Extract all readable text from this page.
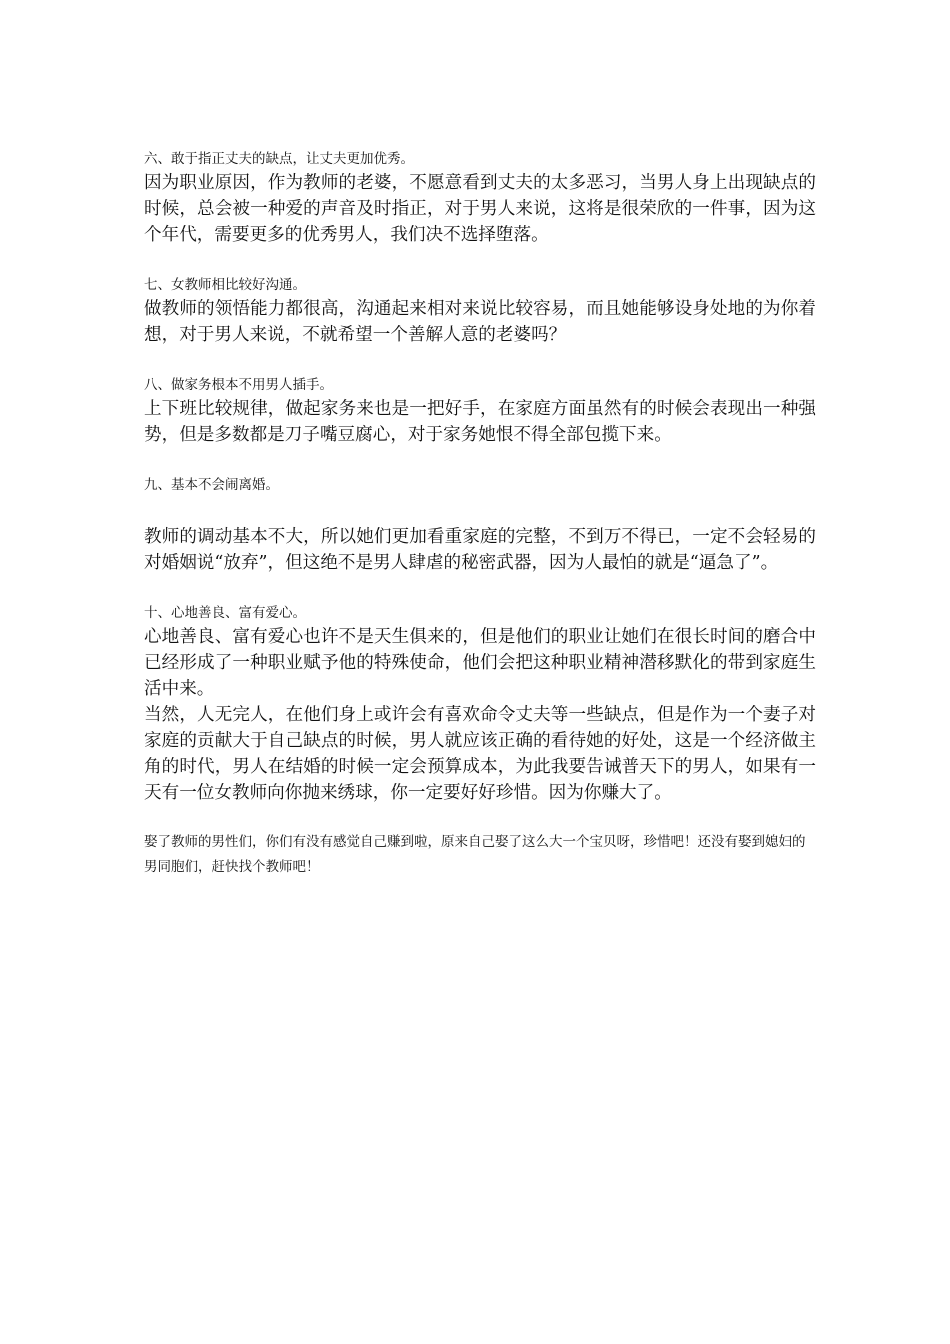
六、敢于指正丈夫的缺点，让丈夫更加优秀。

因为职业原因，作为教师的老婆，不愿意看到丈夫的太多恶习，当男人身上出现缺点的时候，总会被一种爱的声音及时指正，对于男人来说，这将是很荣欣的一件事，因为这个年代，需要更多的优秀男人，我们决不选择堕落。

七、女教师相比较好沟通。

做教师的领悟能力都很高，沟通起来相对来说比较容易，而且她能够设身处地的为你着想，对于男人来说，不就希望一个善解人意的老婆吗？

八、做家务根本不用男人插手。

上下班比较规律，做起家务来也是一把好手，在家庭方面虽然有的时候会表现出一种强势，但是多数都是刀子嘴豆腐心，对于家务她恨不得全部包揽下来。

九、基本不会闹离婚。

教师的调动基本不大，所以她们更加看重家庭的完整，不到万不得已，一定不会轻易的对婚姻说“放弃”，但这绝不是男人肆虐的秘密武器，因为人最怕的就是“逼急了”。

十、心地善良、富有爱心。

心地善良、富有爱心也许不是天生俱来的，但是他们的职业让她们在很长时间的磨合中已经形成了一种职业赋予他的特殊使命，他们会把这种职业精神潜移默化的带到家庭生活中来。

当然，人无完人，在他们身上或许会有喜欢命令丈夫等一些缺点，但是作为一个妻子对家庭的贡献大于自己缺点的时候，男人就应该正确的看待她的好处，这是一个经济做主角的时代，男人在结婚的时候一定会预算成本，为此我要告诫普天下的男人，如果有一天有一位女教师向你抛来绣球，你一定要好好珍惜。因为你赚大了。

娶了教师的男性们，你们有没有感觉自己赚到啦，原来自己娶了这么大一个宝贝呀，珍惜吧！还没有娶到媳妇的男同胞们，赶快找个教师吧！
